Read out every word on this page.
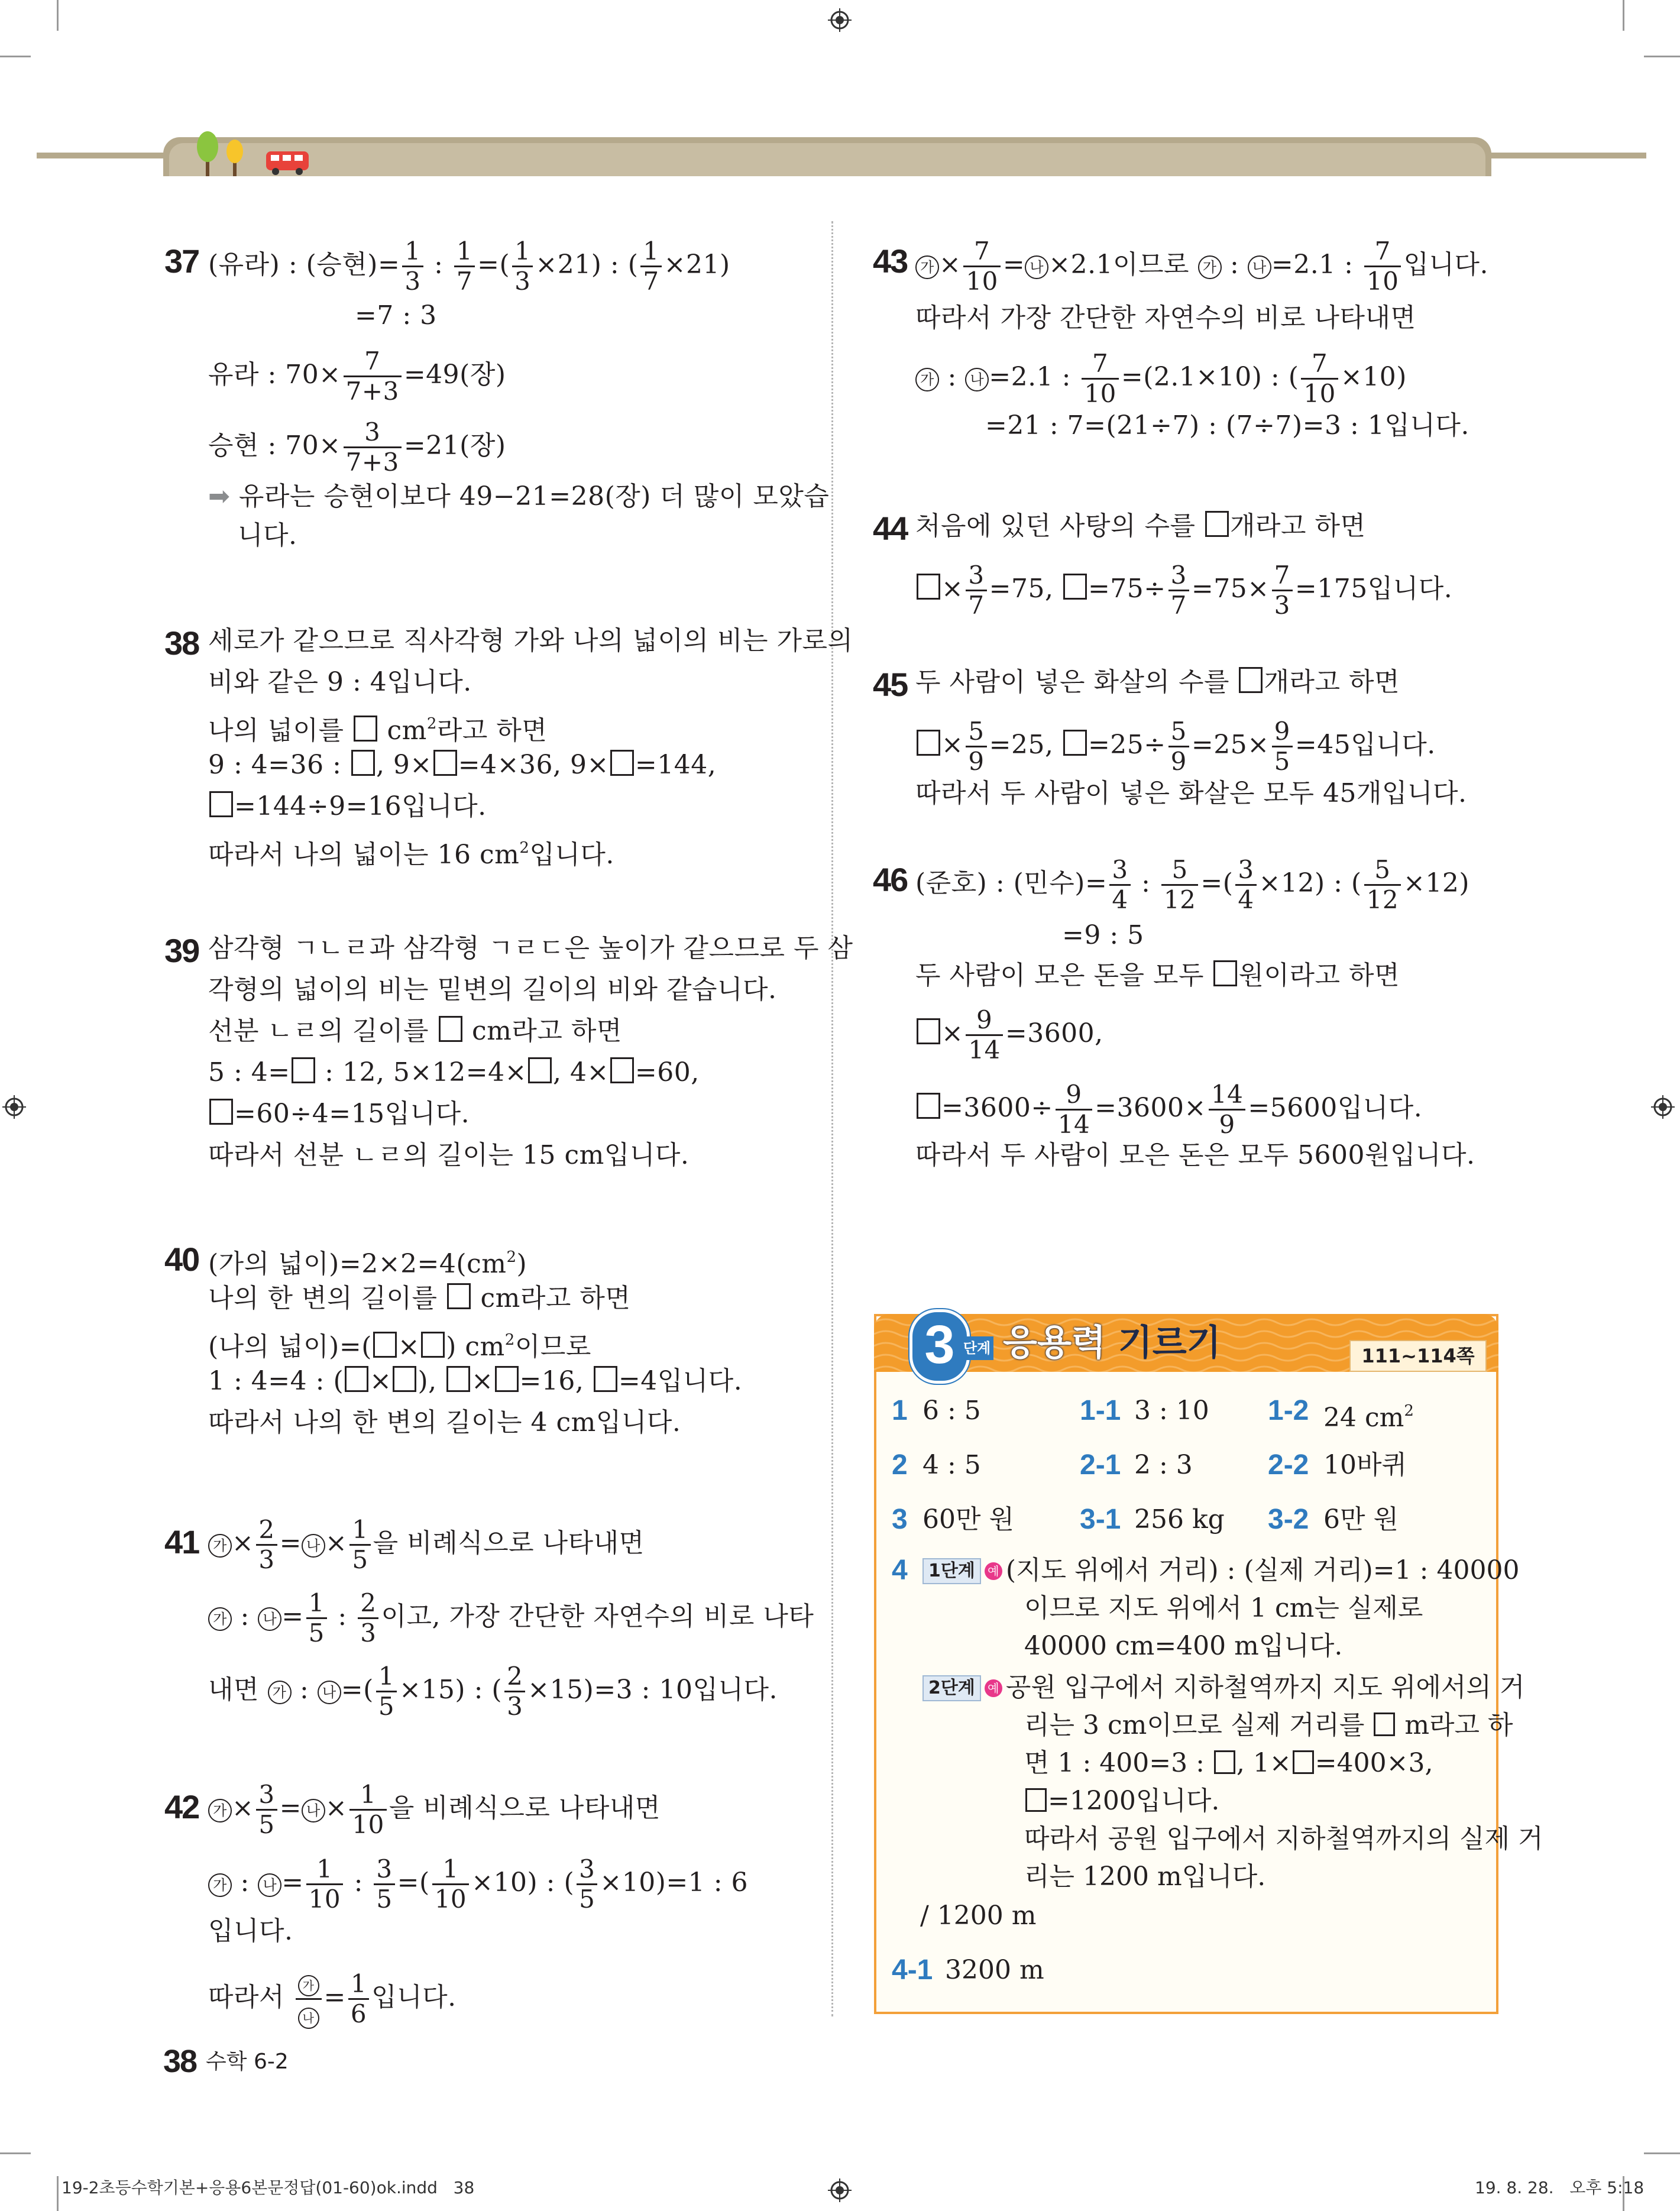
37 (유라) : (승현)= $\frac{1}{3}$ : $\frac{1}{7}$ =( $\frac{1}{3} \times 21$) : ( $\frac{1}{7} \times 21$)
=7 : 3
유라 : $70\times \frac{7}{7+3} =49$(장)
승현 : $70\times \frac{3}{7+3} =21$(장)
➡ 유라는 승현이보다 49−21=28(장) 더 많이 모았습
니다.
38 세로가 같으므로 직사각형 가와 나의 넓이의 비는 가로의
비와 같은 9 : 4입니다.
나의 넓이를  $cm^2$라고 하면
9 : 4=36 : , 9× =4×36, 9× =144,
=144÷9=16입니다.
따라서 나의 넓이는 16 $cm^2$입니다.
39 삼각형 ㄱㄴㄹ과 삼각형 ㄱㄹㄷ은 높이가 같으므로 두 삼
각형의 넓이의 비는 밑변의 길이의 비와 같습니다.
선분 ㄴㄹ의 길이를  cm라고 하면
5 : 4= : 12, 5×12=4× , 4× =60,
=60÷4=15입니다.
따라서 선분 ㄴㄹ의 길이는 15 cm입니다.
40 (가의 넓이)$=2\times 2=4(cm^2)$
나의 한 변의 길이를  cm라고 하면
(나의 넓이)=( × ) $cm^2$이므로
1 : 4=4 : ( × ), × =16, =4입니다.
따라서 나의 한 변의 길이는 4 cm입니다.
41 가 × $\frac{2}{3}$ = 나 × $\frac{1}{5}$ 을 비례식으로 나타내면
가 : 나 = $\frac{1}{5}$ : $\frac{2}{3}$ 이고, 가장 간단한 자연수의 비로 나타
내면 가 : 나 =( $\frac{1}{5} \times 15$) : ( $\frac{2}{3} \times 15)=3$ : 10입니다.
42 가 × $\frac{3}{5}$ = 나 × $\frac{1}{10}$ 을 비례식으로 나타내면
가 : 나 = $\frac{1}{10}$ : $\frac{3}{5}$ =( $\frac{1}{10} \times 10$) : ( $\frac{3}{5} \times 10)=1$ : 6
입니다.
따라서 가
나
= $\frac{1}{6}$ 입니다.
43 가 × $\frac{7}{10}$ = 나 ×2.1이므로 가 : 나 =2.1 : $\frac{7}{10}$ 입니다.
따라서 가장 간단한 자연수의 비로 나타내면
가 : 나 =2.1 : $\frac{7}{10} =(2.1\times 10)$ : ( $\frac{7}{10} \times 10$)
=21 : 7=(21÷7) : (7÷7)=3 : 1입니다.
44 처음에 있던 사탕의 수를 개라고 하면
× $\frac{3}{7} =75$, $=75\div \frac{3}{7} =75\times \frac{7}{3} =175$입니다.
45 두 사람이 넣은 화살의 수를 개라고 하면
× $\frac{5}{9} =25$, $=25\div \frac{5}{9} =25\times \frac{9}{5} =45$입니다.
따라서 두 사람이 넣은 화살은 모두 45개입니다.
46 (준호) : (민수)= $\frac{3}{4}$ : $\frac{5}{12}$ =( $\frac{3}{4} \times 12$) : ( $\frac{5}{12} \times 12$)
=9 : 5
두 사람이 모은 돈을 모두 원이라고 하면
× $\frac{9}{14} =3600$,
$=3600\div \frac{9}{14} =3600\times \frac{14}{9} =5600$입니다.
따라서 두 사람이 모은 돈은 모두 5600원입니다.
3 단계 응용력 기르기	111~114쪽
1 6 : 5	1-1 3 : 10 1-2 24 $cm^2$
2 4 : 5	2-1 2 : 3	2-2 10바퀴
3 60만 원 3-1 256 kg 3-2 6만 원
4	1단계 예 (지도 위에서 거리) : (실제 거리)=1 : 40000
이므로 지도 위에서 1 cm는 실제로
40000 cm=400 m입니다.
2단계 예 공원 입구에서 지하철역까지 지도 위에서의 거
리는 3 cm이므로 실제 거리를  m라고 하
면 1 : 400=3 : , 1× =400×3,
=1200입니다.
따라서 공원 입구에서 지하철역까지의 실제 거
리는 1200 m입니다.
/ 1200 m
4-1 3200 m
38 수학 6-2
19-2초등수학기본+응용6본문정답(01-60)ok.indd   38	19. 8. 28.   오후 5:18
